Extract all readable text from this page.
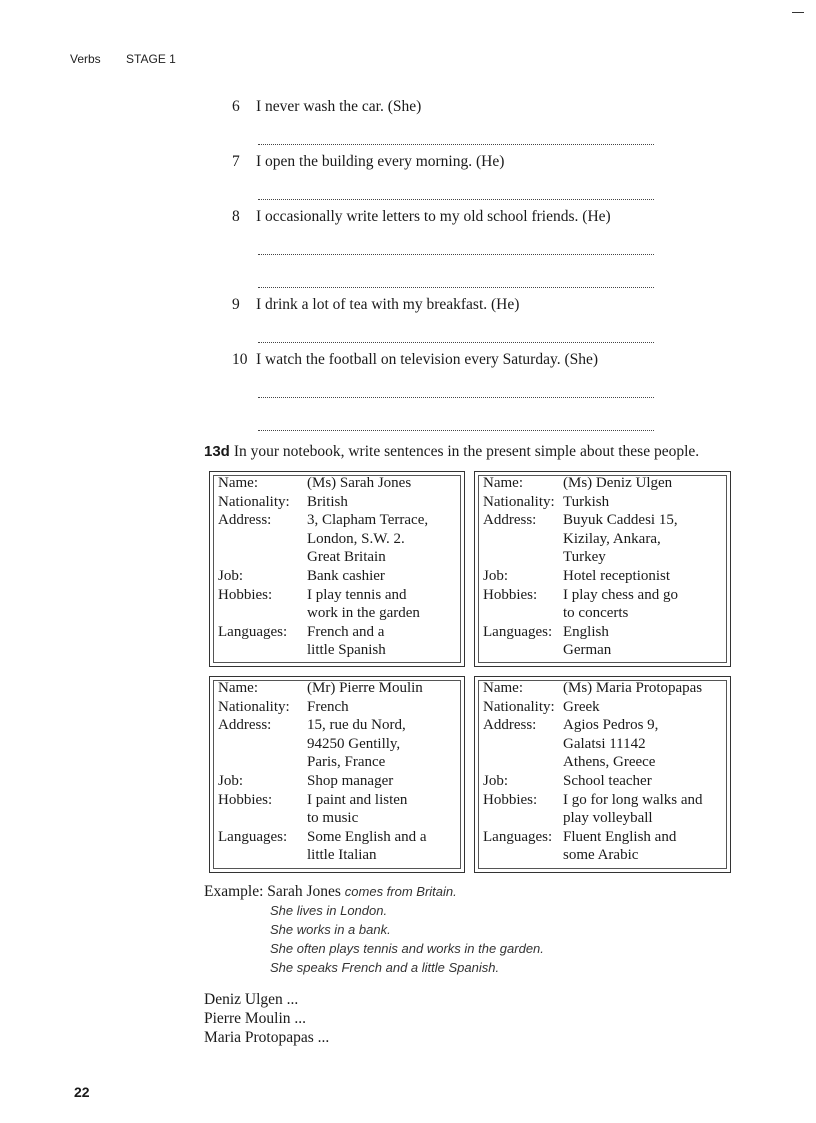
Verbs STAGE 1
6	I never wash the car. (She)
7	I open the building every morning. (He)
8	I occasionally write letters to my old school friends. (He)
9	I drink a lot of tea with my breakfast. (He)
10 I watch the football on television every Saturday. (She)
13d In your notebook, write sentences in the present simple about these people.
Name:	(Ms) Sarah Jones
Nationality:	British
Address:	3, Clapham Terrace,
London, S.W. 2.
Great Britain

Job:	Bank cashier
Hobbies:	I play tennis and
work in the garden

Languages:	French and a
little Spanish
Name:	(Ms) Deniz Ulgen
Nationality:	Turkish
Address:	Buyuk Caddesi 15,
Kizilay, Ankara,
Turkey

Job:	Hotel receptionist
Hobbies:	I play chess and go
to concerts

Languages:	English
German
Name:	(Mr) Pierre Moulin
Nationality:	French
Address:	15, rue du Nord,
94250 Gentilly,
Paris, France

Job:	Shop manager
Hobbies:	I paint and listen
to music

Languages:	Some English and a
little Italian
Name:	(Ms) Maria Protopapas
Nationality:	Greek
Address:	Agios Pedros 9,
Galatsi 11142
Athens, Greece

Job:	School teacher
Hobbies:	I go for long walks and
play volleyball

Languages:	Fluent English and
some Arabic
Example: Sarah Jones comes from Britain.
She lives in London.
She works in a bank.
She often plays tennis and works in the garden.
She speaks French and a little Spanish.
Deniz Ulgen ...
Pierre Moulin ...
Maria Protopapas ...
22
